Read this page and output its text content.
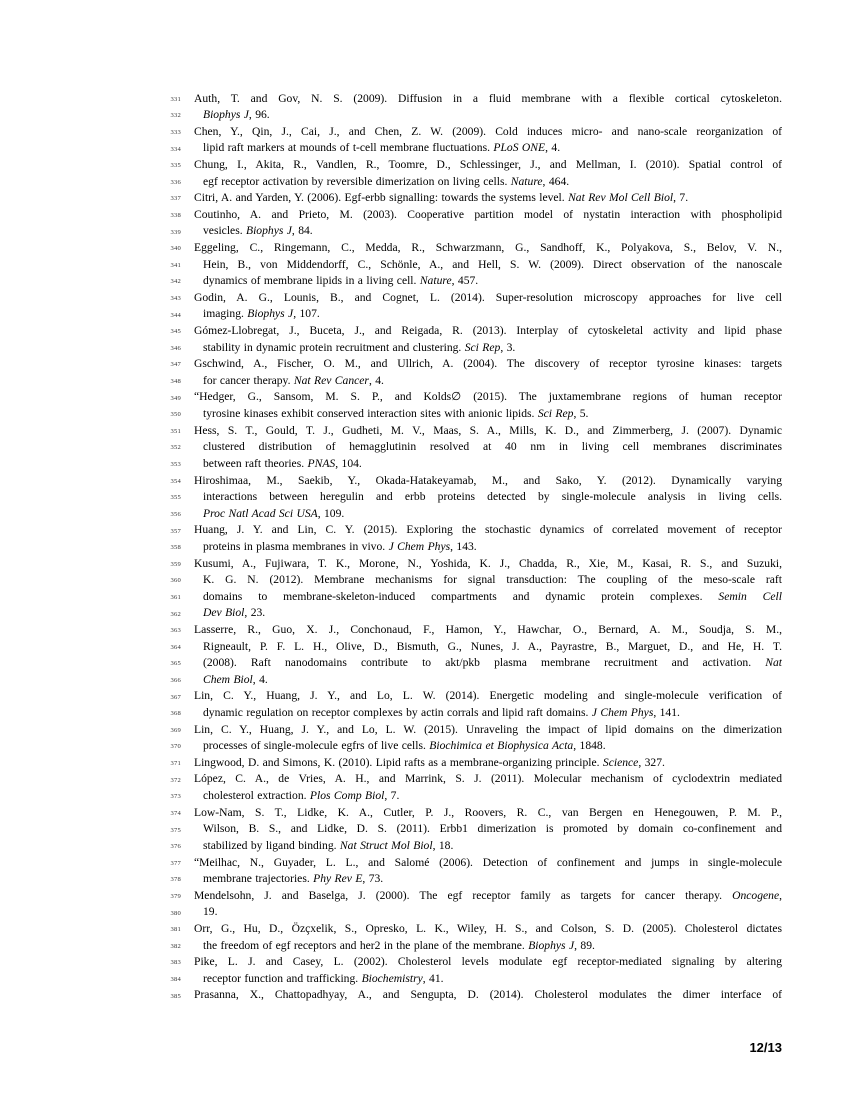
331
332
333
334
335
336
337
338
339
340
341
342
343
344
345
346
347
348
349
350
351
352
353
354
355
356
357
358
359
360
361
362
363
364
365
366
367
368
369
370
371
372
373
374
375
376
377
378
379
380
381
382
383
384
385
Auth, T. and Gov, N. S. (2009). Diffusion in a fluid membrane with a flexible cortical cytoskeleton.
Biophys J, 96.
Chen, Y., Qin, J., Cai, J., and Chen, Z. W. (2009). Cold induces micro- and nano-scale reorganization of
lipid raft markers at mounds of t-cell membrane fluctuations. PLoS ONE, 4.
Chung, I., Akita, R., Vandlen, R., Toomre, D., Schlessinger, J., and Mellman, I. (2010). Spatial control of
egf receptor activation by reversible dimerization on living cells. Nature, 464.
Citri, A. and Yarden, Y. (2006). Egf-erbb signalling: towards the systems level. Nat Rev Mol Cell Biol, 7.
Coutinho, A. and Prieto, M. (2003). Cooperative partition model of nystatin interaction with phospholipid
vesicles. Biophys J, 84.
Eggeling, C., Ringemann, C., Medda, R., Schwarzmann, G., Sandhoff, K., Polyakova, S., Belov, V. N.,
Hein, B., von Middendorff, C., Schönle, A., and Hell, S. W. (2009). Direct observation of the nanoscale
dynamics of membrane lipids in a living cell. Nature, 457.
Godin, A. G., Lounis, B., and Cognet, L. (2014). Super-resolution microscopy approaches for live cell
imaging. Biophys J, 107.
Gómez-Llobregat, J., Buceta, J., and Reigada, R. (2013). Interplay of cytoskeletal activity and lipid phase
stability in dynamic protein recruitment and clustering. Sci Rep, 3.
Gschwind, A., Fischer, O. M., and Ullrich, A. (2004). The discovery of receptor tyrosine kinases: targets
for cancer therapy. Nat Rev Cancer, 4.
“Hedger, G., Sansom, M. S. P., and Kolds∅ (2015). The juxtamembrane regions of human receptor
tyrosine kinases exhibit conserved interaction sites with anionic lipids. Sci Rep, 5.
Hess, S. T., Gould, T. J., Gudheti, M. V., Maas, S. A., Mills, K. D., and Zimmerberg, J. (2007). Dynamic
clustered distribution of hemagglutinin resolved at 40 nm in living cell membranes discriminates
between raft theories. PNAS, 104.
Hiroshimaa, M., Saekib, Y., Okada-Hatakeyamab, M., and Sako, Y. (2012). Dynamically varying
interactions between heregulin and erbb proteins detected by single-molecule analysis in living cells.
Proc Natl Acad Sci USA, 109.
Huang, J. Y. and Lin, C. Y. (2015). Exploring the stochastic dynamics of correlated movement of receptor
proteins in plasma membranes in vivo. J Chem Phys, 143.
Kusumi, A., Fujiwara, T. K., Morone, N., Yoshida, K. J., Chadda, R., Xie, M., Kasai, R. S., and Suzuki,
K. G. N. (2012). Membrane mechanisms for signal transduction: The coupling of the meso-scale raft
domains to membrane-skeleton-induced compartments and dynamic protein complexes. Semin Cell
Dev Biol, 23.
Lasserre, R., Guo, X. J., Conchonaud, F., Hamon, Y., Hawchar, O., Bernard, A. M., Soudja, S. M.,
Rigneault, P. F. L. H., Olive, D., Bismuth, G., Nunes, J. A., Payrastre, B., Marguet, D., and He, H. T.
(2008). Raft nanodomains contribute to akt/pkb plasma membrane recruitment and activation. Nat
Chem Biol, 4.
Lin, C. Y., Huang, J. Y., and Lo, L. W. (2014). Energetic modeling and single-molecule verification of
dynamic regulation on receptor complexes by actin corrals and lipid raft domains. J Chem Phys, 141.
Lin, C. Y., Huang, J. Y., and Lo, L. W. (2015). Unraveling the impact of lipid domains on the dimerization
processes of single-molecule egfrs of live cells. Biochimica et Biophysica Acta, 1848.
Lingwood, D. and Simons, K. (2010). Lipid rafts as a membrane-organizing principle. Science, 327.
López, C. A., de Vries, A. H., and Marrink, S. J. (2011). Molecular mechanism of cyclodextrin mediated
cholesterol extraction. Plos Comp Biol, 7.
Low-Nam, S. T., Lidke, K. A., Cutler, P. J., Roovers, R. C., van Bergen en Henegouwen, P. M. P.,
Wilson, B. S., and Lidke, D. S. (2011). Erbb1 dimerization is promoted by domain co-confinement and
stabilized by ligand binding. Nat Struct Mol Biol, 18.
“Meilhac, N., Guyader, L. L., and Salomé (2006). Detection of confinement and jumps in single-molecule
membrane trajectories. Phy Rev E, 73.
Mendelsohn, J. and Baselga, J. (2000). The egf receptor family as targets for cancer therapy. Oncogene,
19.
Orr, G., Hu, D., Özçxelik, S., Opresko, L. K., Wiley, H. S., and Colson, S. D. (2005). Cholesterol dictates
the freedom of egf receptors and her2 in the plane of the membrane. Biophys J, 89.
Pike, L. J. and Casey, L. (2002). Cholesterol levels modulate egf receptor-mediated signaling by altering
receptor function and trafficking. Biochemistry, 41.
Prasanna, X., Chattopadhyay, A., and Sengupta, D. (2014). Cholesterol modulates the dimer interface of
12/13
